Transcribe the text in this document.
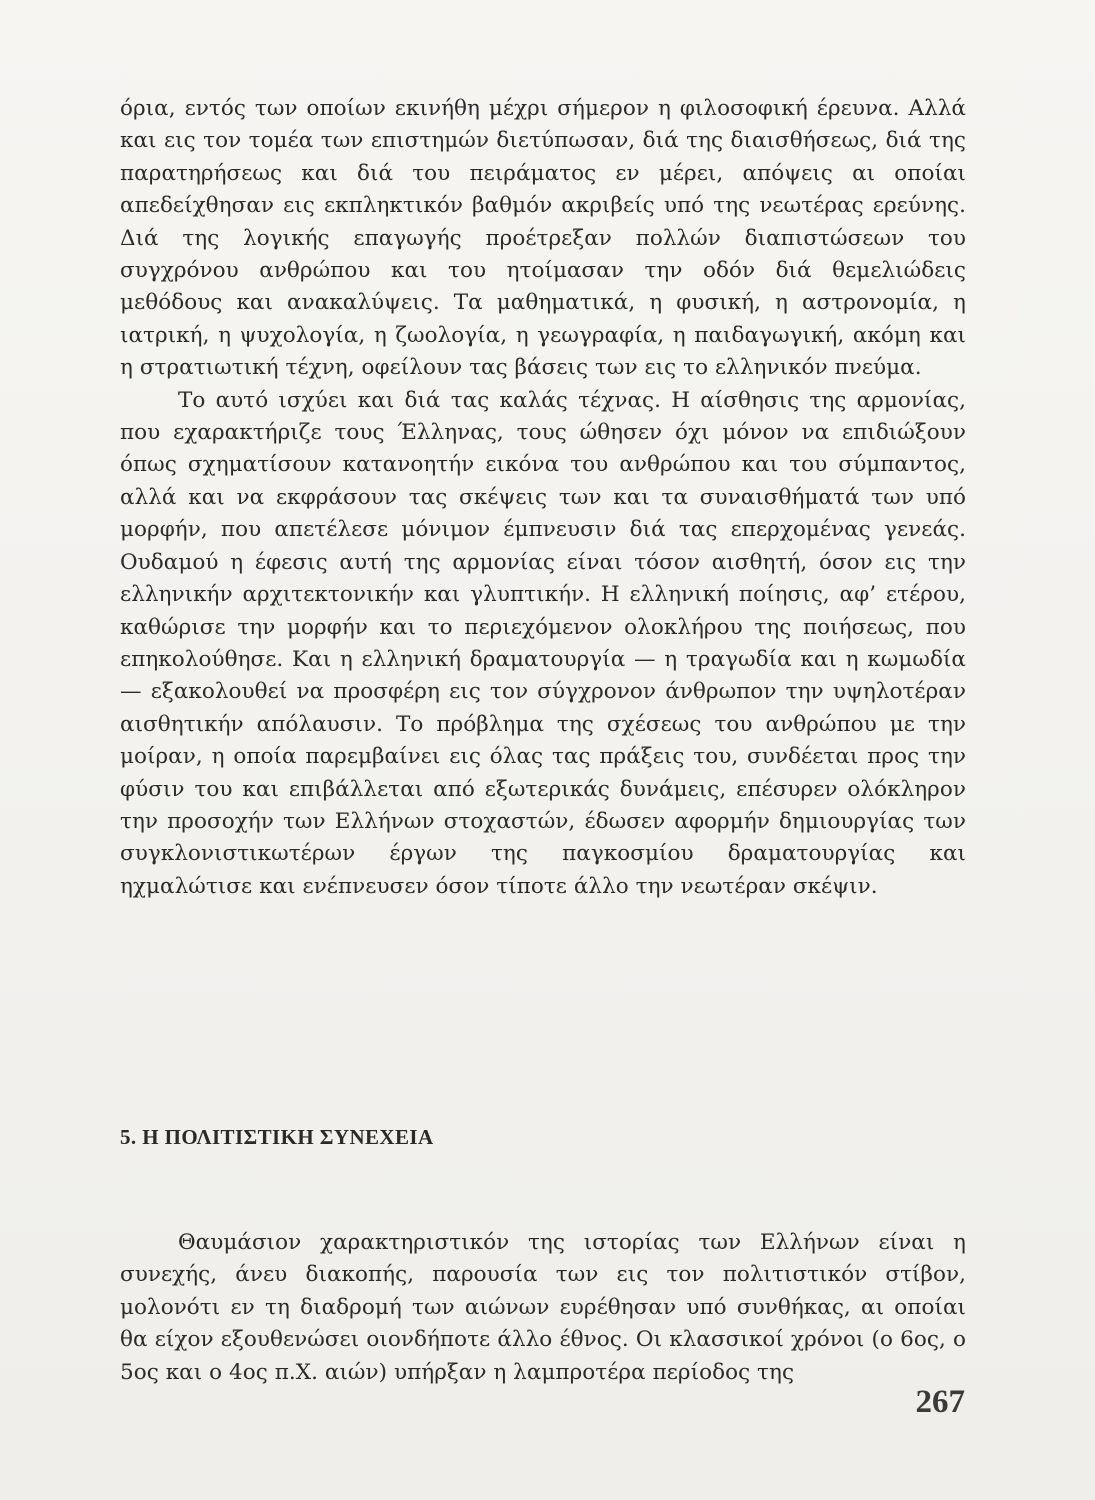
όρια, εντός των οποίων εκινήθη μέχρι σήμερον η φιλοσοφική έρευνα. Αλλά και εις τον τομέα των επιστημών διετύπωσαν, διά της διαισθήσεως, διά της παρατηρήσεως και διά του πειράματος εν μέρει, απόψεις αι οποίαι απεδείχθησαν εις εκπληκτικόν βαθμόν ακριβείς υπό της νεωτέρας ερεύνης. Διά της λογικής επαγωγής προέτρεξαν πολλών διαπιστώσεων του συγχρόνου ανθρώπου και του ητοίμασαν την οδόν διά θεμελιώδεις μεθόδους και ανακαλύψεις. Τα μαθηματικά, η φυσική, η αστρονομία, η ιατρική, η ψυχολογία, η ζωολογία, η γεωγραφία, η παιδαγωγική, ακόμη και η στρατιωτική τέχνη, οφείλουν τας βάσεις των εις το ελληνικόν πνεύμα.

Το αυτό ισχύει και διά τας καλάς τέχνας. Η αίσθησις της αρμονίας, που εχαρακτήριζε τους Έλληνας, τους ώθησεν όχι μόνον να επιδιώξουν όπως σχηματίσουν κατανοητήν εικόνα του ανθρώπου και του σύμπαντος, αλλά και να εκφράσουν τας σκέψεις των και τα συναισθήματά των υπό μορφήν, που απετέλεσε μόνιμον έμπνευσιν διά τας επερχομένας γενεάς. Ουδαμού η έφεσις αυτή της αρμονίας είναι τόσον αισθητή, όσον εις την ελληνικήν αρχιτεκτονικήν και γλυπτικήν. Η ελληνική ποίησις, αφ’ ετέρου, καθώρισε την μορφήν και το περιεχόμενον ολοκλήρου της ποιήσεως, που επηκολούθησε. Και η ελληνική δραματουργία — η τραγωδία και η κωμωδία — εξακολουθεί να προσφέρη εις τον σύγχρονον άνθρωπον την υψηλοτέραν αισθητικήν απόλαυσιν. Το πρόβλημα της σχέσεως του ανθρώπου με την μοίραν, η οποία παρεμβαίνει εις όλας τας πράξεις του, συνδέεται προς την φύσιν του και επιβάλλεται από εξωτερικάς δυνάμεις, επέσυρεν ολόκληρον την προσοχήν των Ελλήνων στοχαστών, έδωσεν αφορμήν δημιουργίας των συγκλονιστικωτέρων έργων της παγκοσμίου δραματουργίας και ηχμαλώτισε και ενέπνευσεν όσον τίποτε άλλο την νεωτέραν σκέψιν.

5. Η ΠΟΛΙΤΙΣΤΙΚΗ ΣΥΝΕΧΕΙΑ

Θαυμάσιον χαρακτηριστικόν της ιστορίας των Ελλήνων είναι η συνεχής, άνευ διακοπής, παρουσία των εις τον πολιτιστικόν στίβον, μολονότι εν τη διαδρομή των αιώνων ευρέθησαν υπό συνθήκας, αι οποίαι θα είχον εξουθενώσει οιονδήποτε άλλο έθνος. Οι κλασσικοί χρόνοι (ο 6ος, ο 5ος και ο 4ος π.Χ. αιών) υπήρξαν η λαμπροτέρα περίοδος της

267
